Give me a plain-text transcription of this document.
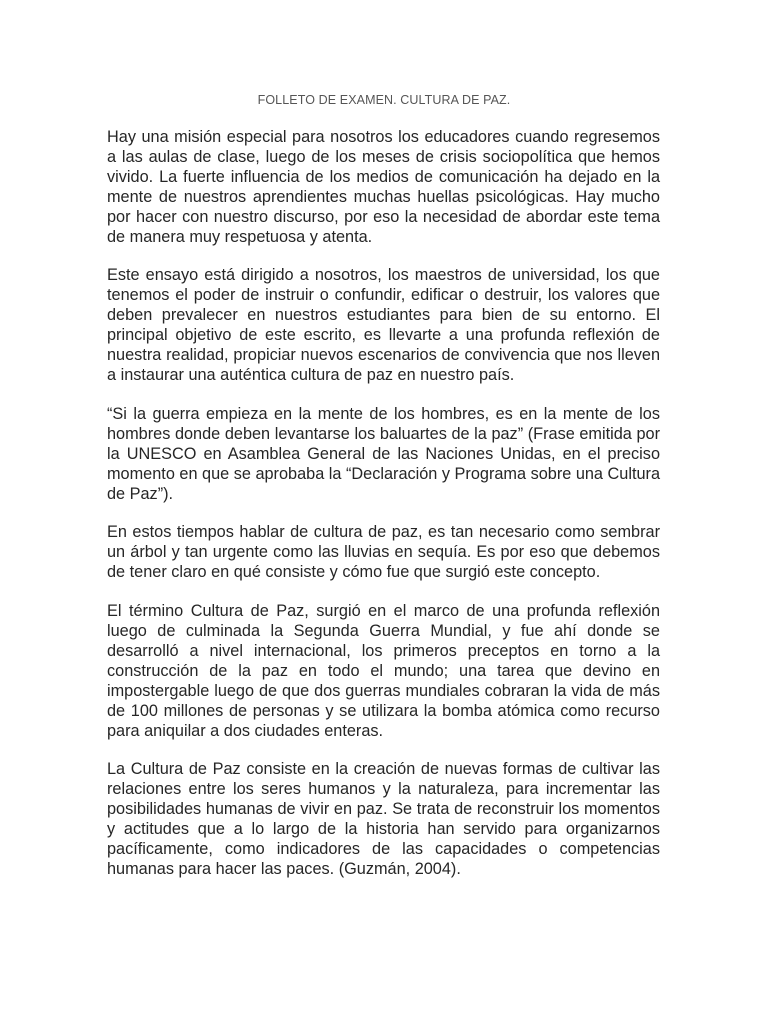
FOLLETO DE EXAMEN. CULTURA DE PAZ.

Hay una misión especial para nosotros los educadores cuando regresemos a las aulas de clase, luego de los meses de crisis sociopolítica que hemos vivido. La fuerte influencia de los medios de comunicación ha dejado en la mente de nuestros aprendientes muchas huellas psicológicas. Hay mucho por hacer con nuestro discurso, por eso la necesidad de abordar este tema de manera muy respetuosa y atenta.

Este ensayo está dirigido a nosotros, los maestros de universidad, los que tenemos el poder de instruir o confundir, edificar o destruir, los valores que deben prevalecer en nuestros estudiantes para bien de su entorno. El principal objetivo de este escrito, es llevarte a una profunda reflexión de nuestra realidad, propiciar nuevos escenarios de convivencia que nos lleven a instaurar una auténtica cultura de paz en nuestro país.

“Si la guerra empieza en la mente de los hombres, es en la mente de los hombres donde deben levantarse los baluartes de la paz” (Frase emitida por la UNESCO en Asamblea General de las Naciones Unidas, en el preciso momento en que se aprobaba la “Declaración y Programa sobre una Cultura de Paz”).

En estos tiempos hablar de cultura de paz, es tan necesario como sembrar un árbol y tan urgente como las lluvias en sequía. Es por eso que debemos de tener claro en qué consiste y cómo fue que surgió este concepto.

El término Cultura de Paz, surgió en el marco de una profunda reflexión luego de culminada la Segunda Guerra Mundial, y fue ahí donde se desarrolló a nivel internacional, los primeros preceptos en torno a la construcción de la paz en todo el mundo; una tarea que devino en impostergable luego de que dos guerras mundiales cobraran la vida de más de 100 millones de personas y se utilizara la bomba atómica como recurso para aniquilar a dos ciudades enteras.

La Cultura de Paz consiste en la creación de nuevas formas de cultivar las relaciones entre los seres humanos y la naturaleza, para incrementar las posibilidades humanas de vivir en paz. Se trata de reconstruir los momentos y actitudes que a lo largo de la historia han servido para organizarnos pacíficamente, como indicadores de las capacidades o competencias humanas para hacer las paces. (Guzmán, 2004).
